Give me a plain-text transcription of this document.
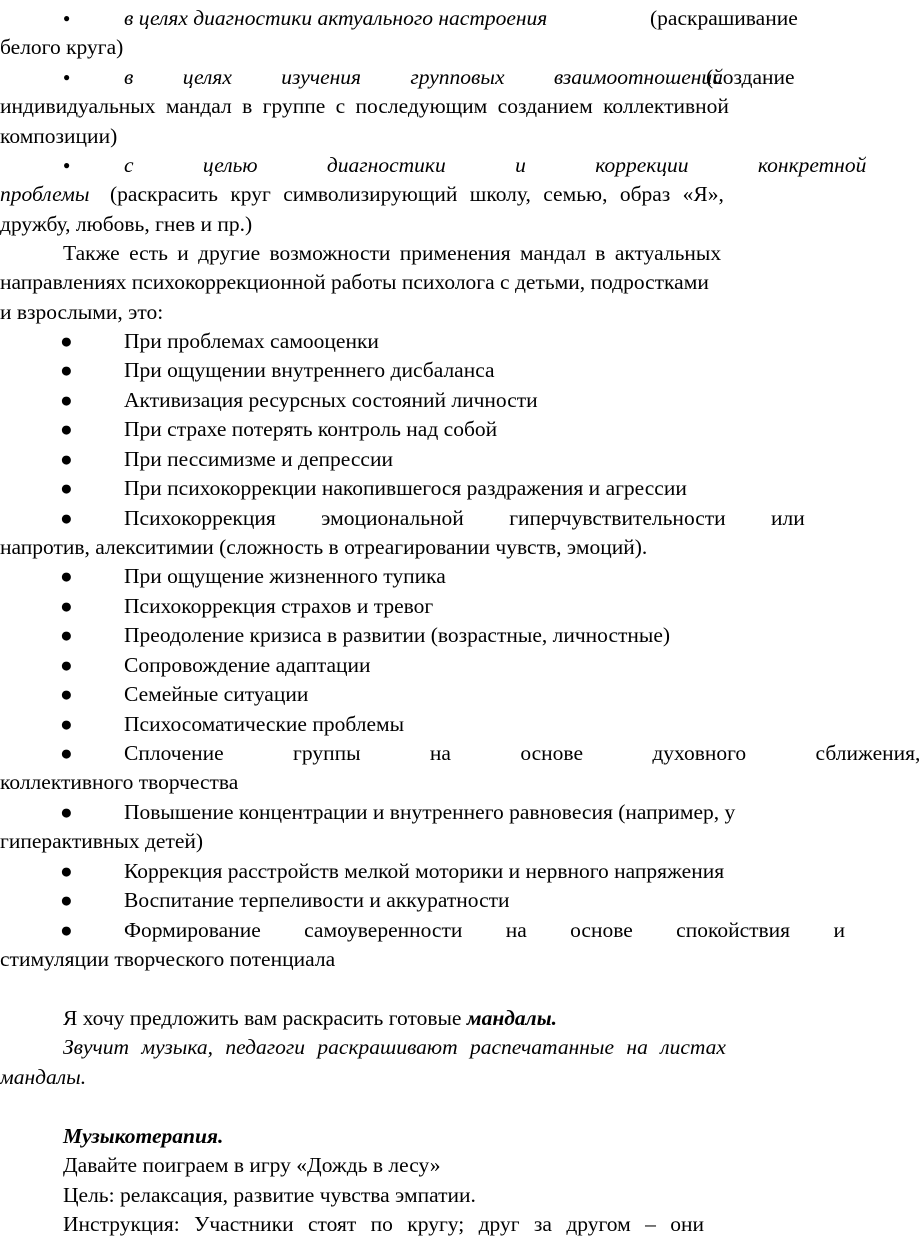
●	в целях диагностики актуального настроения	(раскрашивание
белого круга)
●	в целях изучения групповых взаимоотношений
(создание
индивидуальных мандал в группе с последующим созданием коллективной
композиции)
●	с целью диагностики и коррекции конкретной
проблемы (раскрасить круг символизирующий школу, семью, образ «Я»,
дружбу, любовь, гнев и пр.)
Также есть и другие возможности применения мандал в актуальных
направлениях психокоррекционной работы психолога с детьми, подростками
и взрослыми, это:
● При проблемах самооценки
● При ощущении внутреннего дисбаланса
● Активизация ресурсных состояний личности
● При страхе потерять контроль над собой
● При пессимизме и депрессии
● При психокоррекции накопившегося раздражения и агрессии
● Психокоррекция эмоциональной гиперчувствительности или
напротив, алекситимии (сложность в отреагировании чувств, эмоций).
● При ощущение жизненного тупика
● Психокоррекция страхов и тревог
● Преодоление кризиса в развитии (возрастные, личностные)
● Сопровождение адаптации
● Семейные ситуации
● Психосоматические проблемы
● Сплочение группы на основе духовного сближения,
коллективного творчества
● Повышение концентрации и внутреннего равновесия (например, у
гиперактивных детей)
● Коррекция расстройств мелкой моторики и нервного напряжения
● Воспитание терпеливости и аккуратности
● Формирование самоуверенности на основе спокойствия и
стимуляции творческого потенциала
Я хочу предложить вам раскрасить готовые мандалы.
Звучит музыка, педагоги раскрашивают распечатанные на листах
мандалы.
Музыкотерапия.
Давайте поиграем в игру «Дождь в лесу»
Цель: релаксация, развитие чувства эмпатии.
Инструкция: Участники стоят по кругу; друг за другом – они
